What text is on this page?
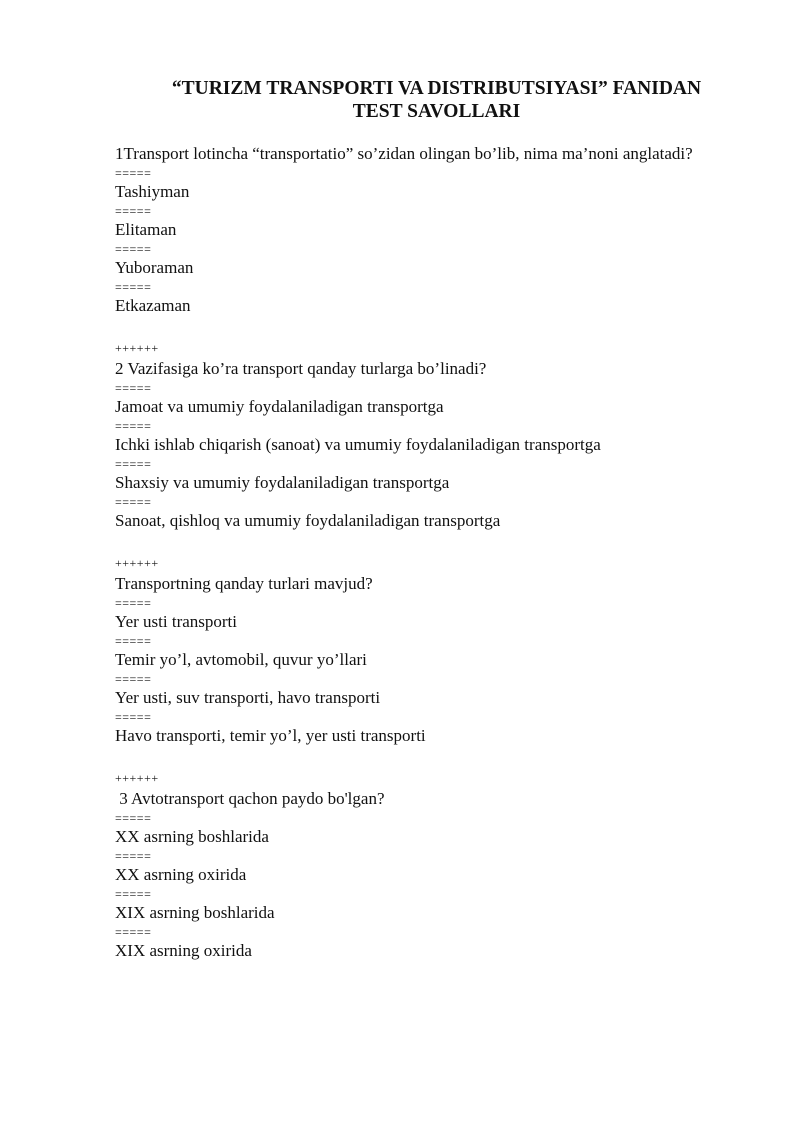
“TURIZM TRANSPORTI VA DISTRIBUTSIYASI” FANIDAN
TEST SAVOLLARI

1Transport lotincha “transportatio” so’zidan olingan bo’lib, nima ma’noni anglatadi?

=====
Tashiyman
=====
Elitaman
=====
Yuboraman
=====
Etkazaman
++++++

2 Vazifasiga ko’ra transport qanday turlarga bo’linadi?

=====
Jamoat va umumiy foydalaniladigan transportga
=====
Ichki ishlab chiqarish (sanoat) va umumiy foydalaniladigan transportga
=====
Shaxsiy va umumiy foydalaniladigan transportga
=====
Sanoat, qishloq va umumiy foydalaniladigan transportga
++++++

Transportning qanday turlari mavjud?

=====
Yer usti transporti
=====
Temir yo’l, avtomobil, quvur yo’llari
=====
Yer usti, suv transporti, havo transporti
=====
Havo transporti, temir yo’l, yer usti transporti
++++++

3 Avtotransport qachon paydo bo'lgan?

=====
XX asrning boshlarida
=====
XX asrning oxirida
=====
XIX asrning boshlarida
=====
XIX asrning oxirida
